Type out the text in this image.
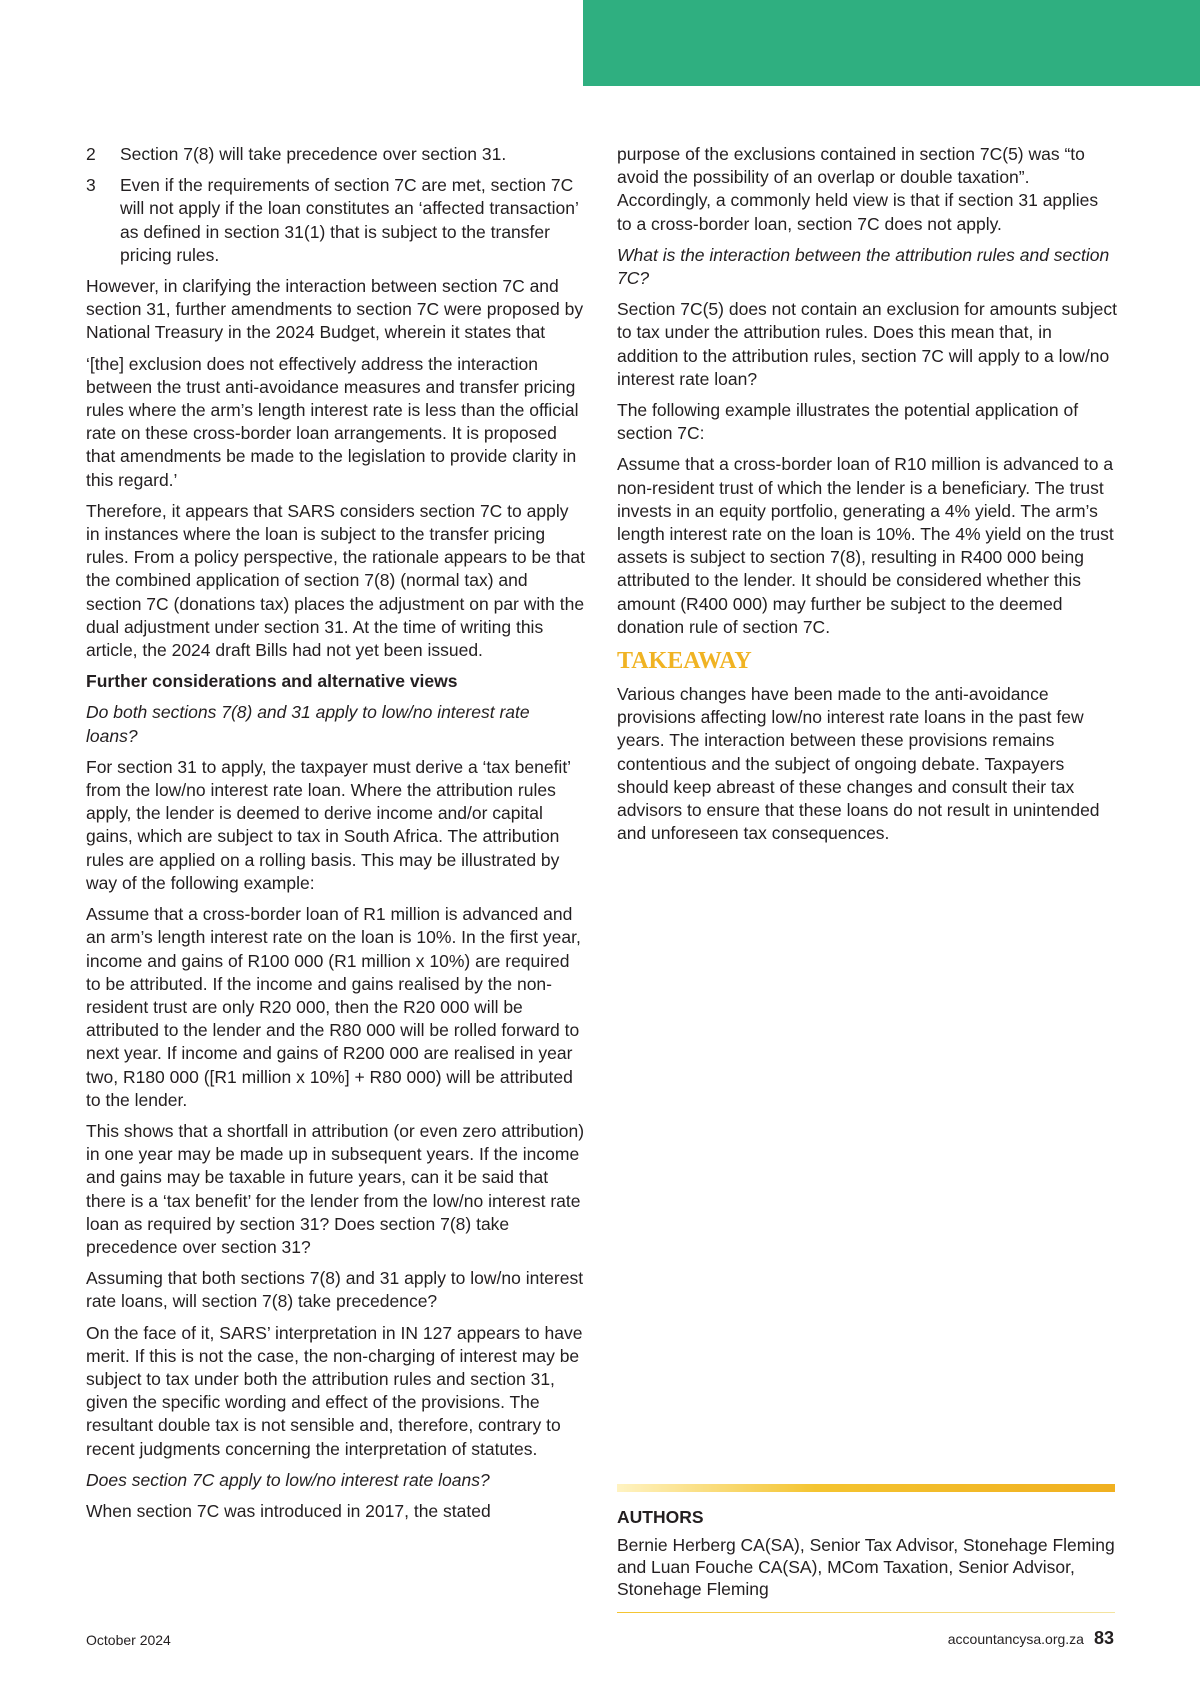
2	Section 7(8) will take precedence over section 31.
3	Even if the requirements of section 7C are met, section 7C will not apply if the loan constitutes an ‘affected transaction’ as defined in section 31(1) that is subject to the transfer pricing rules.

However, in clarifying the interaction between section 7C and section 31, further amendments to section 7C were proposed by National Treasury in the 2024 Budget, wherein it states that

‘[the] exclusion does not effectively address the interaction between the trust anti-avoidance measures and transfer pricing rules where the arm’s length interest rate is less than the official rate on these cross-border loan arrangements. It is proposed that amendments be made to the legislation to provide clarity in this regard.’

Therefore, it appears that SARS considers section 7C to apply in instances where the loan is subject to the transfer pricing rules. From a policy perspective, the rationale appears to be that the combined application of section 7(8) (normal tax) and section 7C (donations tax) places the adjustment on par with the dual adjustment under section 31. At the time of writing this article, the 2024 draft Bills had not yet been issued.

Further considerations and alternative views

Do both sections 7(8) and 31 apply to low/no interest rate loans?

For section 31 to apply, the taxpayer must derive a ‘tax benefit’ from the low/no interest rate loan. Where the attribution rules apply, the lender is deemed to derive income and/or capital gains, which are subject to tax in South Africa. The attribution rules are applied on a rolling basis. This may be illustrated by way of the following example:

Assume that a cross-border loan of R1 million is advanced and an arm’s length interest rate on the loan is 10%. In the first year, income and gains of R100 000 (R1 million x 10%) are required to be attributed. If the income and gains realised by the non-resident trust are only R20 000, then the R20 000 will be attributed to the lender and the R80 000 will be rolled forward to next year. If income and gains of R200 000 are realised in year two, R180 000 ([R1 million x 10%] + R80 000) will be attributed to the lender.

This shows that a shortfall in attribution (or even zero attribution) in one year may be made up in subsequent years. If the income and gains may be taxable in future years, can it be said that there is a ‘tax benefit’ for the lender from the low/no interest rate loan as required by section 31? Does section 7(8) take precedence over section 31?

Assuming that both sections 7(8) and 31 apply to low/no interest rate loans, will section 7(8) take precedence?

On the face of it, SARS’ interpretation in IN 127 appears to have merit. If this is not the case, the non-charging of interest may be subject to tax under both the attribution rules and section 31, given the specific wording and effect of the provisions. The resultant double tax is not sensible and, therefore, contrary to recent judgments concerning the interpretation of statutes.

Does section 7C apply to low/no interest rate loans?

When section 7C was introduced in 2017, the stated

purpose of the exclusions contained in section 7C(5) was “to avoid the possibility of an overlap or double taxation”. Accordingly, a commonly held view is that if section 31 applies to a cross-border loan, section 7C does not apply.

What is the interaction between the attribution rules and section 7C?

Section 7C(5) does not contain an exclusion for amounts subject to tax under the attribution rules. Does this mean that, in addition to the attribution rules, section 7C will apply to a low/no interest rate loan?

The following example illustrates the potential application of section 7C:

Assume that a cross-border loan of R10 million is advanced to a non-resident trust of which the lender is a beneficiary. The trust invests in an equity portfolio, generating a 4% yield. The arm’s length interest rate on the loan is 10%. The 4% yield on the trust assets is subject to section 7(8), resulting in R400 000 being attributed to the lender. It should be considered whether this amount (R400 000) may further be subject to the deemed donation rule of section 7C.

TAKEAWAY

Various changes have been made to the anti-avoidance provisions affecting low/no interest rate loans in the past few years. The interaction between these provisions remains contentious and the subject of ongoing debate. Taxpayers should keep abreast of these changes and consult their tax advisors to ensure that these loans do not result in unintended and unforeseen tax consequences.

AUTHORS

Bernie Herberg CA(SA), Senior Tax Advisor, Stonehage Fleming and Luan Fouche CA(SA), MCom Taxation, Senior Advisor, Stonehage Fleming

October 2024	accountancysa.org.za 83
